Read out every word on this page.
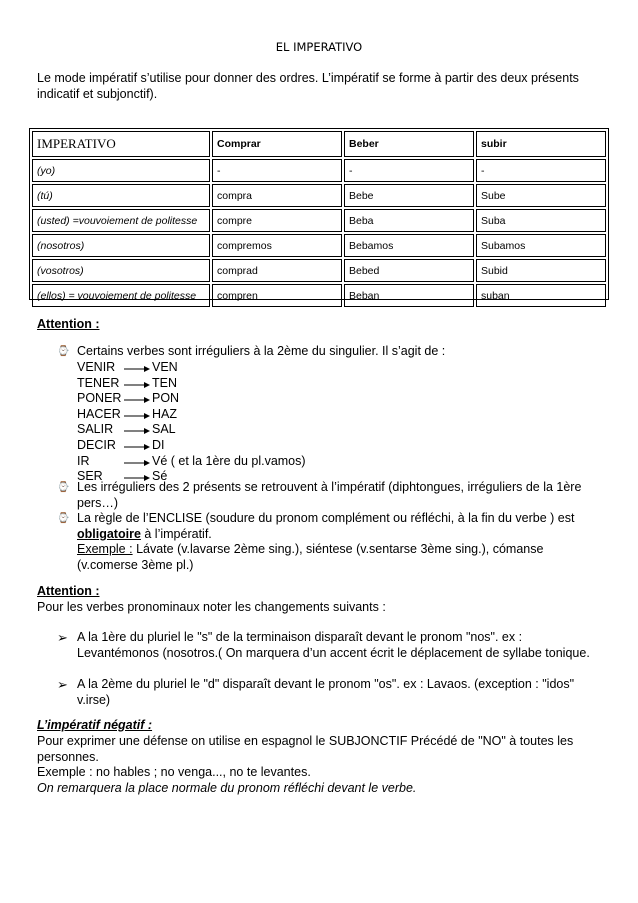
EL IMPERATIVO
Le mode impératif s’utilise pour donner des ordres. L’impératif se forme à partir des deux présents indicatif et subjonctif).
IMPERATIVO	Comprar	Beber	subir
(yo)	-	-	-
(tú)	compra	Bebe	Sube
(usted) =vouvoiement de politesse	compre	Beba	Suba
(nosotros)	compremos	Bebamos	Subamos
(vosotros)	comprad	Bebed	Subid
(ellos) = vouvoiement de politesse	compren	Beban	suban
Attention :
⌚ Certains verbes sont irréguliers à la 2ème du singulier. Il s’agit de :
VENIR	VEN
TENER	TEN
PONER PON
HACER HAZ
SALIR	SAL
DECIR	DI
IR	Vé ( et la 1ère du pl.vamos)
SER	Sé
⌚ Les irréguliers des 2 présents se retrouvent à l’impératif (diphtongues, irréguliers de la 1ère pers…)
⌚ La règle de l’ENCLISE (soudure du pronom complément ou réfléchi, à la fin du verbe ) est obligatoire à l’impératif.
Exemple : Lávate (v.lavarse 2ème sing.), siéntese (v.sentarse 3ème sing.), cómanse (v.comerse 3ème pl.)
Attention :
Pour les verbes pronominaux noter les changements suivants :
➢ A la 1ère du pluriel le "s" de la terminaison disparaît devant le pronom "nos". ex : Levantémonos (nosotros.( On marquera d’un accent écrit le déplacement de syllabe tonique.
➢ A la 2ème du pluriel le "d" disparaît devant le pronom "os". ex : Lavaos. (exception : "idos" v.irse)
L’impératif négatif :
Pour exprimer une défense on utilise en espagnol le SUBJONCTIF Précédé de "NO" à toutes les personnes.
Exemple : no hables ; no venga..., no te levantes.
On remarquera la place normale du pronom réfléchi devant le verbe.
